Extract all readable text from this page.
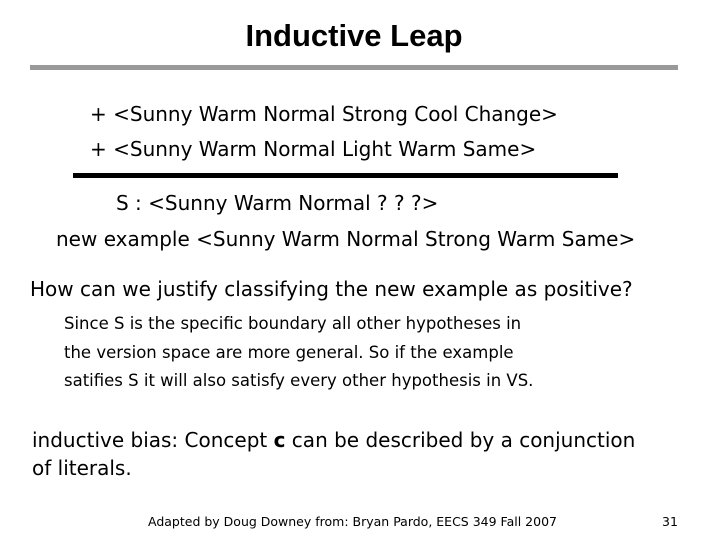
Inductive Leap
+ <Sunny Warm Normal Strong Cool Change>
+ <Sunny Warm Normal Light Warm Same>
S : <Sunny Warm Normal ? ? ?>
new example <Sunny Warm Normal Strong Warm Same>
How can we justify classifying the new example as positive?
Since S is the specific boundary all other hypotheses in
the version space are more general. So if the example
satifies S it will also satisfy every other hypothesis in VS.
inductive bias: Concept c can be described by a conjunction
of literals.
Adapted by Doug Downey from: Bryan Pardo, EECS 349 Fall 2007	31
